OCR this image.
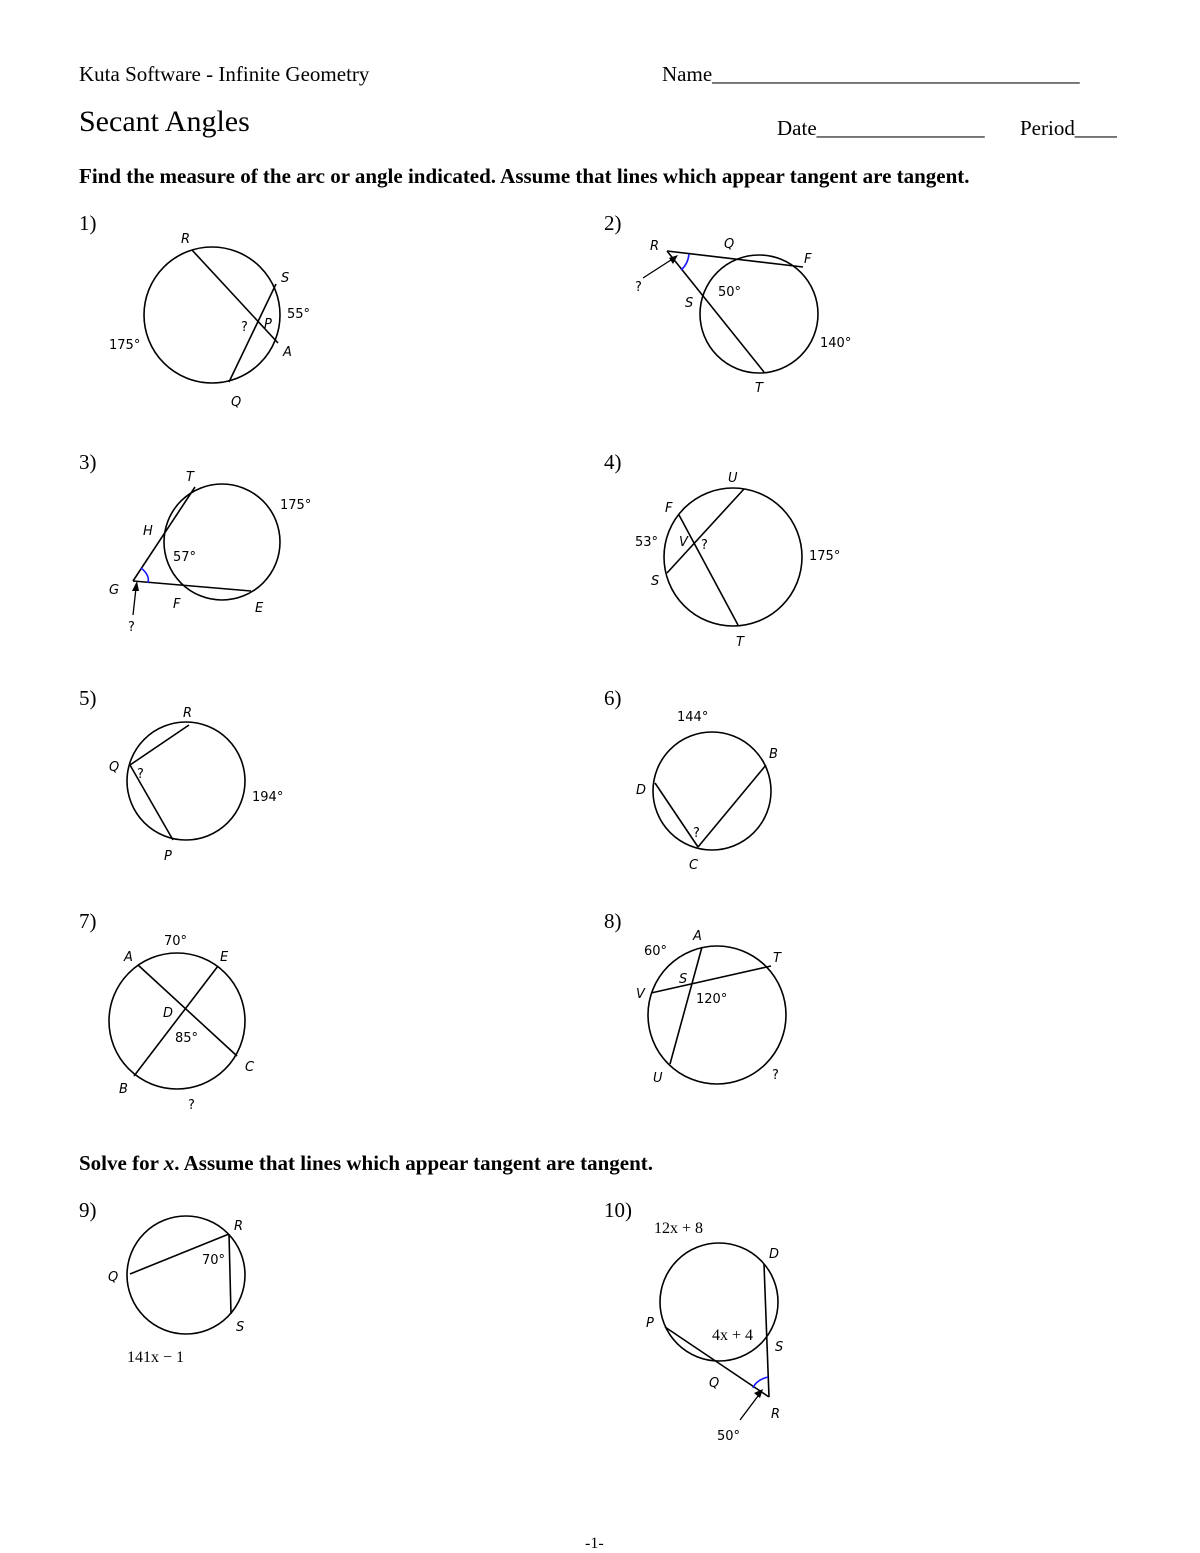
Kuta Software - Infinite Geometry	Name___________________________________
Secant Angles	Date________________ Period____
Find the measure of the arc or angle indicated. Assume that lines which appear tangent are tangent.
1)	2)
3)	4)
5)	6)
7)	8)
9)	10)
Solve for x. Assume that lines which appear tangent are tangent.
R
S
P
A
Q
?
55°
175°
R	Q
F
S
T
?	50°
140°
T
H
G
F	E
?
57°
175°
U
F
V
S
T
?
53°
175°
R
Q
P
?
194°
B
D
C
?
144°
A	E
D
B
C
?
70°
85°
A
T
S
V
U	?
60°
120°
R
Q
S
70°
141x − 1
D
P
S
Q
R
50°
12x + 8
4x + 4
-1-
